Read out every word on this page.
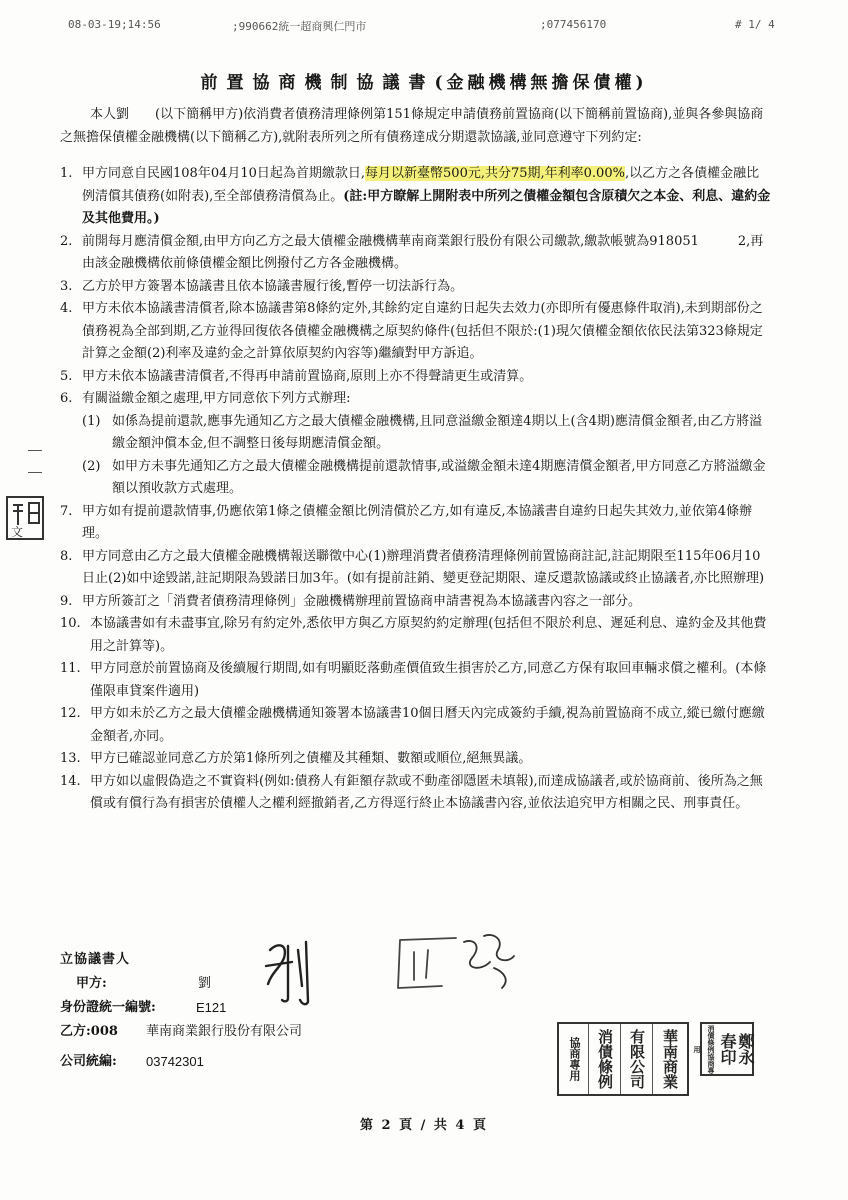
08-03-19;14:56	;990662統一超商興仁門市	;077456170	# 1/ 4
前置協商機制協議書(金融機構無擔保債權)

本人劉　　(以下簡稱甲方)依消費者債務清理條例第151條規定申請債務前置協商(以下簡稱前置協商),並與各參與協商之無擔保債權金融機構(以下簡稱乙方),就附表所列之所有債務達成分期還款協議,並同意遵守下列約定:

1. 甲方同意自民國108年04月10日起為首期繳款日,每月以新臺幣500元,共分75期,年利率0.00%,以乙方之各債權金融比例清償其債務(如附表),至全部債務清償為止。(註:甲方瞭解上開附表中所列之債權金額包含原積欠之本金、利息、違約金及其他費用。)
2. 前開每月應清償金額,由甲方向乙方之最大債權金融機構華南商業銀行股份有限公司繳款,繳款帳號為918051　　　2,再由該金融機構依前條債權金額比例撥付乙方各金融機構。
3. 乙方於甲方簽署本協議書且依本協議書履行後,暫停一切法訴行為。
4. 甲方未依本協議書清償者,除本協議書第8條約定外,其餘約定自違約日起失去效力(亦即所有優惠條件取消),未到期部份之債務視為全部到期,乙方並得回復依各債權金融機構之原契約條件(包括但不限於:(1)現欠債權金額依依民法第323條規定計算之金額(2)利率及違約金之計算依原契約內容等)繼續對甲方訴追。
5. 甲方未依本協議書清償者,不得再申請前置協商,原則上亦不得聲請更生或清算。
6. 有關溢繳金額之處理,甲方同意依下列方式辦理:
(1) 如係為提前還款,應事先通知乙方之最大債權金融機構,且同意溢繳金額達4期以上(含4期)應清償金額者,由乙方將溢繳金額沖償本金,但不調整日後每期應清償金額。
(2) 如甲方未事先通知乙方之最大債權金融機構提前還款情事,或溢繳金額未達4期應清償金額者,甲方同意乙方將溢繳金額以預收款方式處理。
7. 甲方如有提前還款情事,仍應依第1條之債權金額比例清償於乙方,如有違反,本協議書自違約日起失其效力,並依第4條辦理。
8. 甲方同意由乙方之最大債權金融機構報送聯徵中心(1)辦理消費者債務清理條例前置協商註記,註記期限至115年06月10日止(2)如中途毀諾,註記期限為毀諾日加3年。(如有提前註銷、變更登記期限、違反還款協議或終止協議者,亦比照辦理)
9. 甲方所簽訂之「消費者債務清理條例」金融機構辦理前置協商申請書視為本協議書內容之一部分。
10. 本協議書如有未盡事宜,除另有約定外,悉依甲方與乙方原契約約定辦理(包括但不限於利息、遲延利息、違約金及其他費用之計算等)。
11. 甲方同意於前置協商及後續履行期間,如有明顯貶落動產價值致生損害於乙方,同意乙方保有取回車輛求償之權利。(本條僅限車貸案件適用)
12. 甲方如未於乙方之最大債權金融機構通知簽署本協議書10個日曆天內完成簽約手續,視為前置協商不成立,縱已繳付應繳金額者,亦同。
13. 甲方已確認並同意乙方於第1條所列之債權及其種類、數額或順位,絕無異議。
14. 甲方如以虛假偽造之不實資料(例如:債務人有鉅額存款或不動產卻隱匿未填報),而達成協議者,或於協商前、後所為之無償或有償行為有損害於債權人之權利經撤銷者,乙方得逕行終止本協議書內容,並依法追究甲方相關之民、刑事責任。
文
立協議書人
甲方:	劉
身份證統一編號:	E121
乙方:008 華南商業銀行股份有限公司
公司統編: 03742301	協商專用	消債條例 有限公司	華南商業	消債條例協商專用	春印 鄭永
第 2 頁 / 共 4 頁
